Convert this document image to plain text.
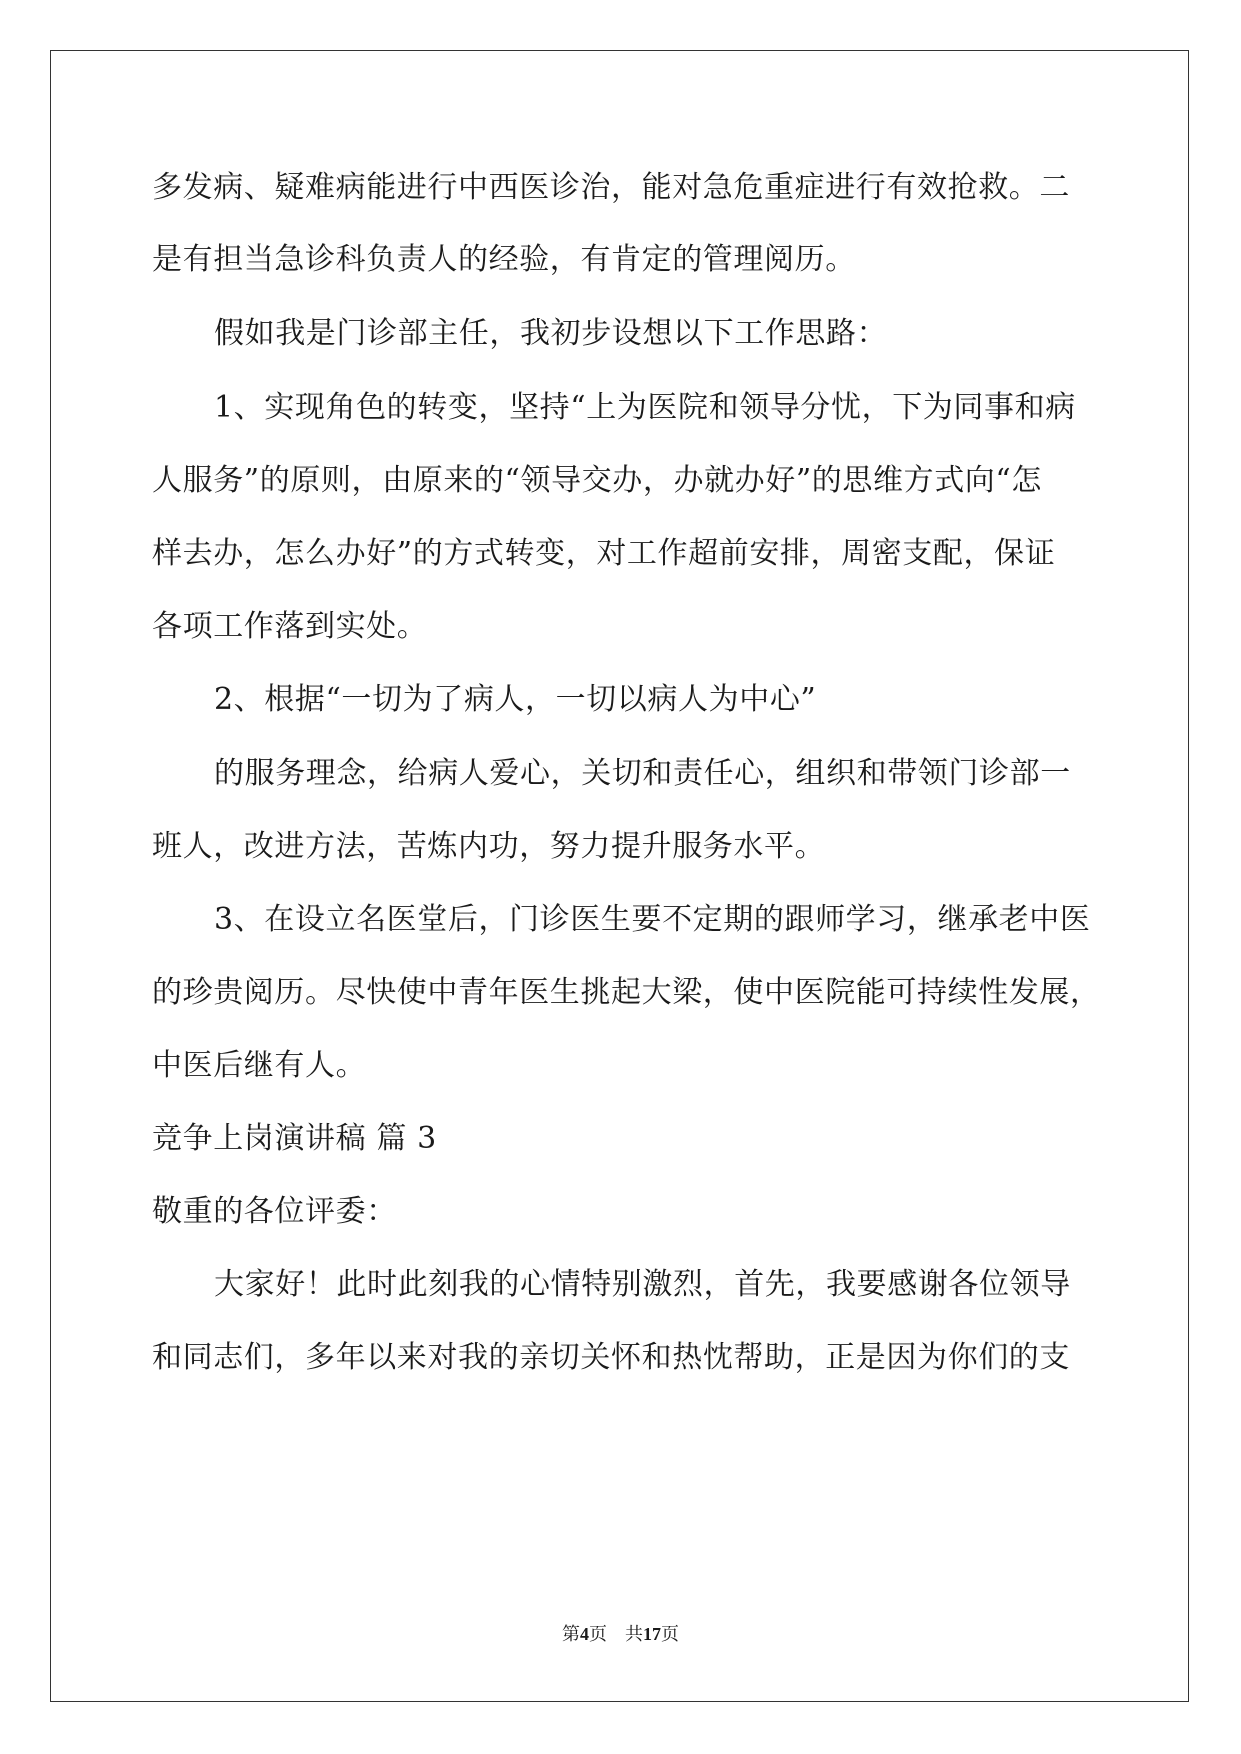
多发病、疑难病能进行中西医诊治，能对急危重症进行有效抢救。二
是有担当急诊科负责人的经验，有肯定的管理阅历。
假如我是门诊部主任，我初步设想以下工作思路：
1、实现角色的转变，坚持“上为医院和领导分忧，下为同事和病
人服务”的原则，由原来的“领导交办，办就办好”的思维方式向“怎
样去办，怎么办好”的方式转变，对工作超前安排，周密支配，保证
各项工作落到实处。
2、根据“一切为了病人，一切以病人为中心”
的服务理念，给病人爱心，关切和责任心，组织和带领门诊部一
班人，改进方法，苦炼内功，努力提升服务水平。
3、在设立名医堂后，门诊医生要不定期的跟师学习，继承老中医
的珍贵阅历。尽快使中青年医生挑起大梁，使中医院能可持续性发展，
中医后继有人。
竞争上岗演讲稿 篇 3
敬重的各位评委：
大家好！此时此刻我的心情特别激烈，首先，我要感谢各位领导
和同志们，多年以来对我的亲切关怀和热忱帮助，正是因为你们的支
第4页 共17页
